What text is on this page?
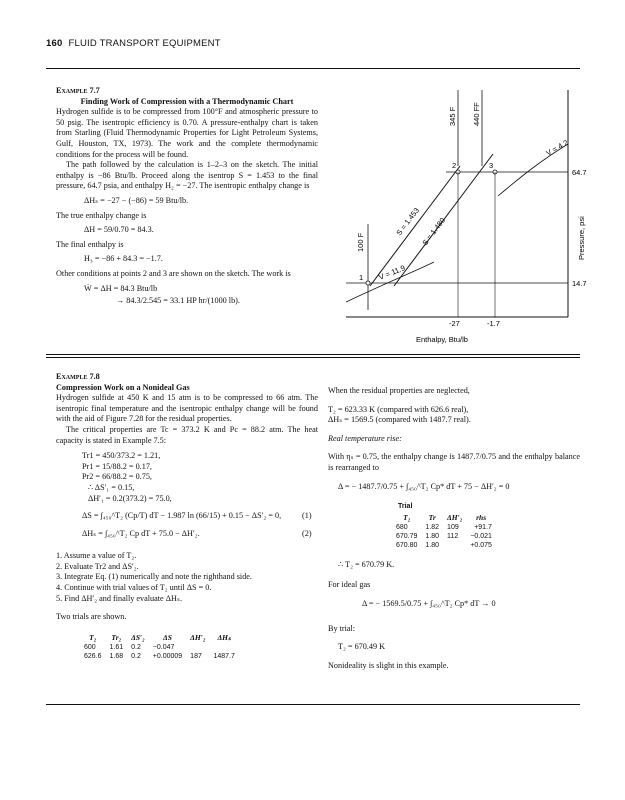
160 FLUID TRANSPORT EQUIPMENT
Example 7.7
Finding Work of Compression with a Thermodynamic Chart
Hydrogen sulfide is to be compressed from 100°F and atmospheric pressure to 50 psig. The isentropic efficiency is 0.70. A pressure-enthalpy chart is taken from Starling (Fluid Thermodynamic Properties for Light Petroleum Systems, Gulf, Houston, TX, 1973). The work and the complete thermodynamic conditions for the process will be found.
The path followed by the calculation is 1–2–3 on the sketch. The initial enthalpy is −86 Btu/lb. Proceed along the isentrop S = 1.453 to the final pressure, 64.7 psia, and enthalpy H₂ = −27. The isentropic enthalpy change is
ΔHₛ = −27 − (−86) = 59 Btu/lb.
The true enthalpy change is
ΔH = 59/0.70 = 84.3.
The final enthalpy is
H₃ = −86 + 84.3 = −1.7.
Other conditions at points 2 and 3 are shown on the sketch. The work is
Ẇ = ΔH = 84.3 Btu/lb
→ 84.3/2.545 = 33.1 HP hr/(1000 lb).
345 F 440 FF
100 F
64.7
14.7
S = 1.453 S = 1.480
V = 11.9
V = 4.2
1
2	3
-27	-1.7
Enthalpy, Btu/lb
Pressure, psi
Example 7.8
Compression Work on a Nonideal Gas
Hydrogen sulfide at 450 K and 15 atm is to be compressed to 66 atm. The isentropic final temperature and the isentropic enthalpy change will be found with the aid of Figure 7.28 for the residual properties.
The critical properties are Tc = 373.2 K and Pc = 88.2 atm. The heat capacity is stated in Example 7.5:
Tr1 = 450/373.2 = 1.21,
Pr1 = 15/88.2 = 0.17,
Pr2 = 66/88.2 = 0.75,
∴ ΔS′₁ = 0.15,
ΔH′₁ = 0.2(373.2) = 75.0,
ΔS = ∫₄₅₀^T₂ (Cp/T) dT − 1.987 ln (66/15) + 0.15 − ΔS′₂ = 0,	(1)
ΔHₛ = ∫₄₅₀^T₂ Cp dT + 75.0 − ΔH′₂.	(2)
1. Assume a value of T₂.
2. Evaluate Tr2 and ΔS′₂.
3. Integrate Eq. (1) numerically and note the righthand side.
4. Continue with trial values of T₂ until ΔS = 0.
5. Find ΔH′₂ and finally evaluate ΔHₛ.
Two trials are shown.
T₂	Tr₂	ΔS′₂	ΔS	ΔH′₂	ΔHₛ
600	1.61	0.2	−0.047		
626.6	1.68	0.2	+0.00009	187	1487.7
When the residual properties are neglected,
T₂ = 623.33 K (compared with 626.6 real),
ΔHₛ = 1569.5 (compared with 1487.7 real).
Real temperature rise:
With ηₛ = 0.75, the enthalpy change is 1487.7/0.75 and the enthalpy balance is rearranged to
Δ = − 1487.7/0.75 + ∫₄₅₀^T₂ Cp* dT + 75 − ΔH′₂ = 0
Trial
T₂	Tr	ΔH′₂	rhs
680	1.82	109	+91.7
670.79	1.80	112	−0.021
670.80	1.80		+0.075
∴ T₂ = 670.79 K.
For ideal gas
Δ = − 1569.5/0.75 + ∫₄₅₀^T₂ Cp* dT → 0
By trial:
T₂ = 670.49 K
Nonideality is slight in this example.
